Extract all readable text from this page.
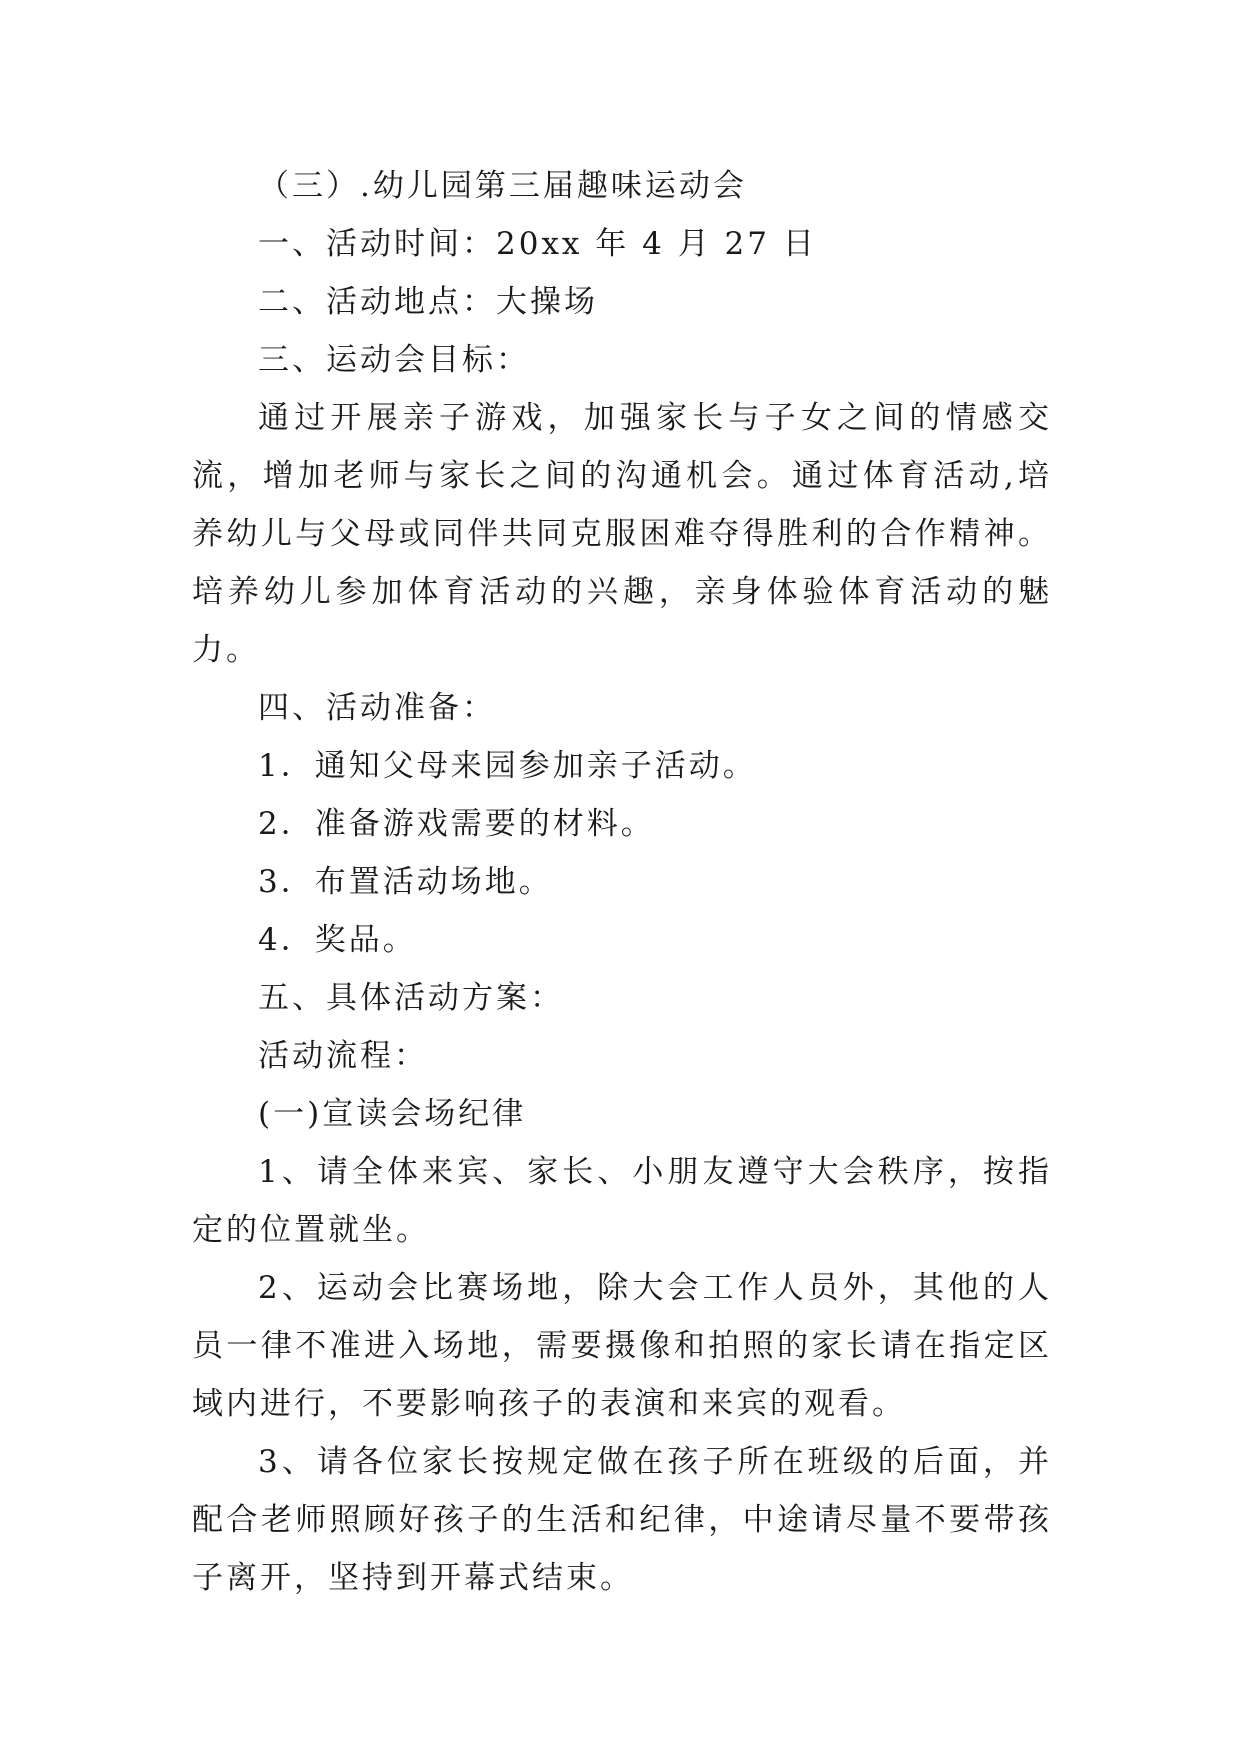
（三）.幼儿园第三届趣味运动会

一、活动时间：20xx 年 4 月 27 日

二、活动地点：大操场

三、运动会目标：

通过开展亲子游戏，加强家长与子女之间的情感交流，增加老师与家长之间的沟通机会。通过体育活动,培养幼儿与父母或同伴共同克服困难夺得胜利的合作精神。培养幼儿参加体育活动的兴趣，亲身体验体育活动的魅力。

四、活动准备：

1．通知父母来园参加亲子活动。

2．准备游戏需要的材料。

3．布置活动场地。

4．奖品。

五、具体活动方案：

活动流程：

(一)宣读会场纪律

1、请全体来宾、家长、小朋友遵守大会秩序，按指定的位置就坐。

2、运动会比赛场地，除大会工作人员外，其他的人员一律不准进入场地，需要摄像和拍照的家长请在指定区域内进行，不要影响孩子的表演和来宾的观看。

3、请各位家长按规定做在孩子所在班级的后面，并配合老师照顾好孩子的生活和纪律，中途请尽量不要带孩子离开，坚持到开幕式结束。
